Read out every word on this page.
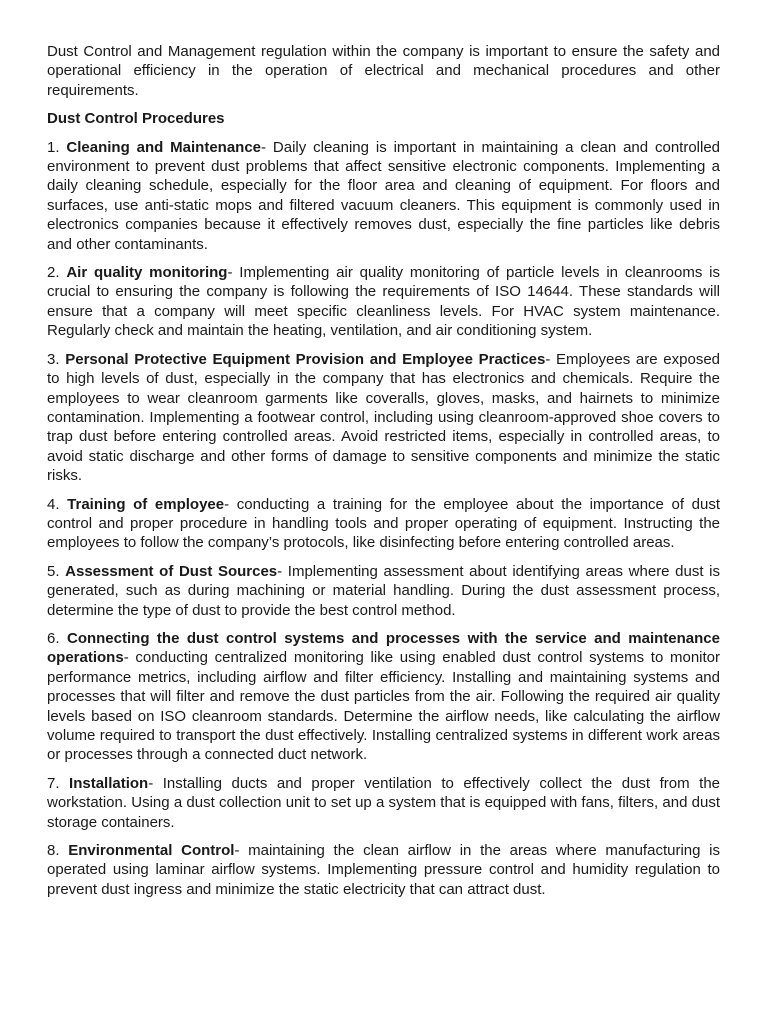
Dust Control and Management regulation within the company is important to ensure the safety and operational efficiency in the operation of electrical and mechanical procedures and other requirements.

Dust Control Procedures

1. Cleaning and Maintenance- Daily cleaning is important in maintaining a clean and controlled environment to prevent dust problems that affect sensitive electronic components. Implementing a daily cleaning schedule, especially for the floor area and cleaning of equipment. For floors and surfaces, use anti-static mops and filtered vacuum cleaners. This equipment is commonly used in electronics companies because it effectively removes dust, especially the fine particles like debris and other contaminants.

2. Air quality monitoring- Implementing air quality monitoring of particle levels in cleanrooms is crucial to ensuring the company is following the requirements of ISO 14644. These standards will ensure that a company will meet specific cleanliness levels. For HVAC system maintenance. Regularly check and maintain the heating, ventilation, and air conditioning system.

3. Personal Protective Equipment Provision and Employee Practices- Employees are exposed to high levels of dust, especially in the company that has electronics and chemicals. Require the employees to wear cleanroom garments like coveralls, gloves, masks, and hairnets to minimize contamination. Implementing a footwear control, including using cleanroom-approved shoe covers to trap dust before entering controlled areas. Avoid restricted items, especially in controlled areas, to avoid static discharge and other forms of damage to sensitive components and minimize the static risks.

4. Training of employee- conducting a training for the employee about the importance of dust control and proper procedure in handling tools and proper operating of equipment. Instructing the employees to follow the company’s protocols, like disinfecting before entering controlled areas.

5. Assessment of Dust Sources- Implementing assessment about identifying areas where dust is generated, such as during machining or material handling. During the dust assessment process, determine the type of dust to provide the best control method.

6. Connecting the dust control systems and processes with the service and maintenance operations- conducting centralized monitoring like using enabled dust control systems to monitor performance metrics, including airflow and filter efficiency. Installing and maintaining systems and processes that will filter and remove the dust particles from the air. Following the required air quality levels based on ISO cleanroom standards. Determine the airflow needs, like calculating the airflow volume required to transport the dust effectively. Installing centralized systems in different work areas or processes through a connected duct network.

7. Installation- Installing ducts and proper ventilation to effectively collect the dust from the workstation. Using a dust collection unit to set up a system that is equipped with fans, filters, and dust storage containers.

8. Environmental Control- maintaining the clean airflow in the areas where manufacturing is operated using laminar airflow systems. Implementing pressure control and humidity regulation to prevent dust ingress and minimize the static electricity that can attract dust.
